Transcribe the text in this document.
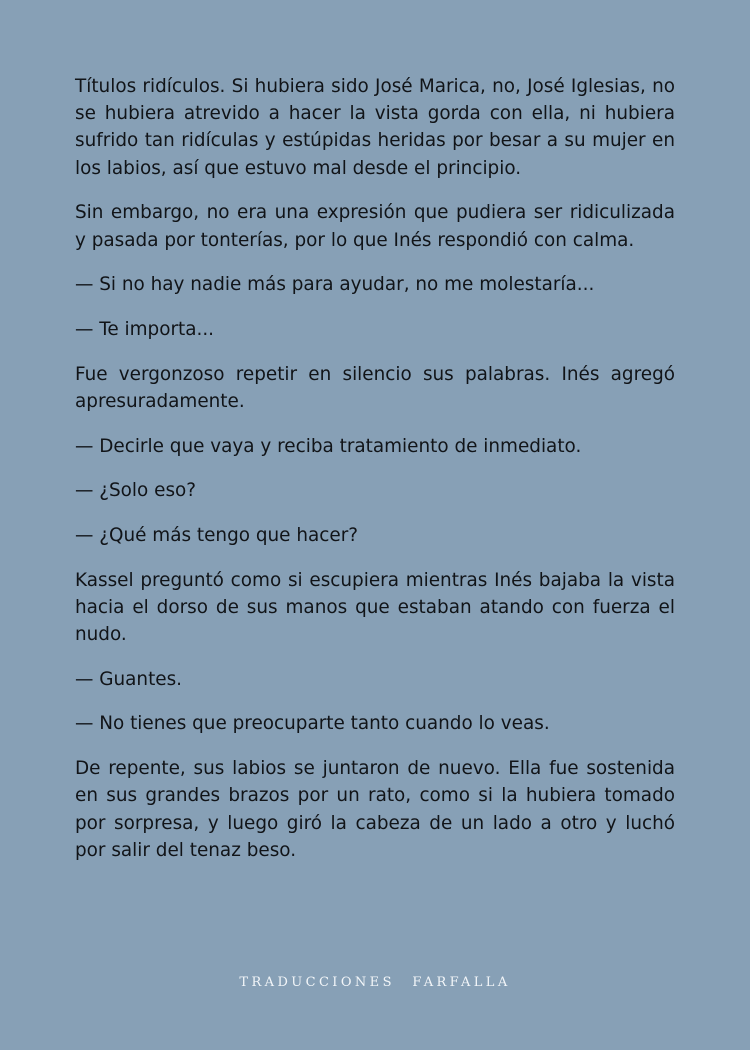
Títulos ridículos. Si hubiera sido José Marica, no, José Iglesias, no se hubiera atrevido a hacer la vista gorda con ella, ni hubiera sufrido tan ridículas y estúpidas heridas por besar a su mujer en los labios, así que estuvo mal desde el principio.

Sin embargo, no era una expresión que pudiera ser ridiculizada y pasada por tonterías, por lo que Inés respondió con calma.

— Si no hay nadie más para ayudar, no me molestaría...

— Te importa...

Fue vergonzoso repetir en silencio sus palabras. Inés agregó apresuradamente.

— Decirle que vaya y reciba tratamiento de inmediato.

— ¿Solo eso?

— ¿Qué más tengo que hacer?

Kassel preguntó como si escupiera mientras Inés bajaba la vista hacia el dorso de sus manos que estaban atando con fuerza el nudo.

— Guantes.

— No tienes que preocuparte tanto cuando lo veas.

De repente, sus labios se juntaron de nuevo. Ella fue sostenida en sus grandes brazos por un rato, como si la hubiera tomado por sorpresa, y luego giró la cabeza de un lado a otro y luchó por salir del tenaz beso.

TRADUCCIONES FARFALLA
